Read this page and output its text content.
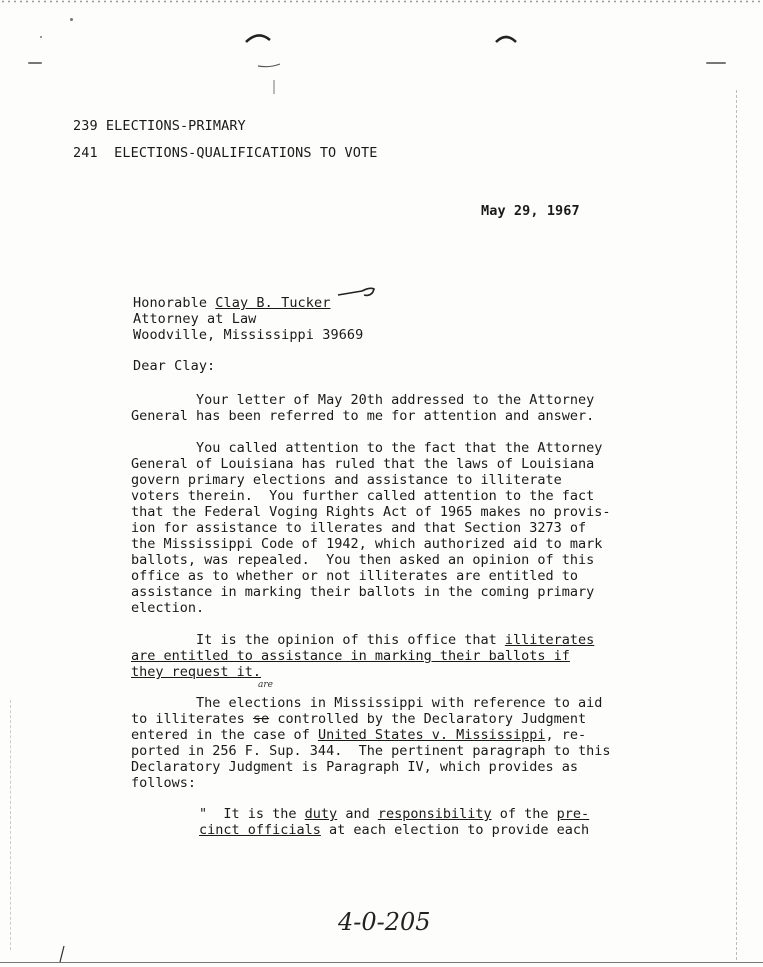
239 ELECTIONS-PRIMARY
241  ELECTIONS-QUALIFICATIONS TO VOTE
May 29, 1967
Honorable Clay B. Tucker
Attorney at Law
Woodville, Mississippi 39669
Dear Clay:
Your letter of May 20th addressed to the Attorney
General has been referred to me for attention and answer.
You called attention to the fact that the Attorney
General of Louisiana has ruled that the laws of Louisiana
govern primary elections and assistance to illiterate
voters therein.  You further called attention to the fact
that the Federal Voging Rights Act of 1965 makes no provis-
ion for assistance to illerates and that Section 3273 of
the Mississippi Code of 1942, which authorized aid to mark
ballots, was repealed.  You then asked an opinion of this
office as to whether or not illiterates are entitled to
assistance in marking their ballots in the coming primary
election.
It is the opinion of this office that illiterates
are entitled to assistance in marking their ballots if
they request it.
The elections in Mississippi with reference to aid
to illiterates se controlled by the Declaratory Judgment
entered in the case of United States v. Mississippi, re-
ported in 256 F. Sup. 344.  The pertinent paragraph to this
Declaratory Judgment is Paragraph IV, which provides as
follows:
are
"  It is the duty and responsibility of the pre-
cinct officials at each election to provide each
4-0-205
